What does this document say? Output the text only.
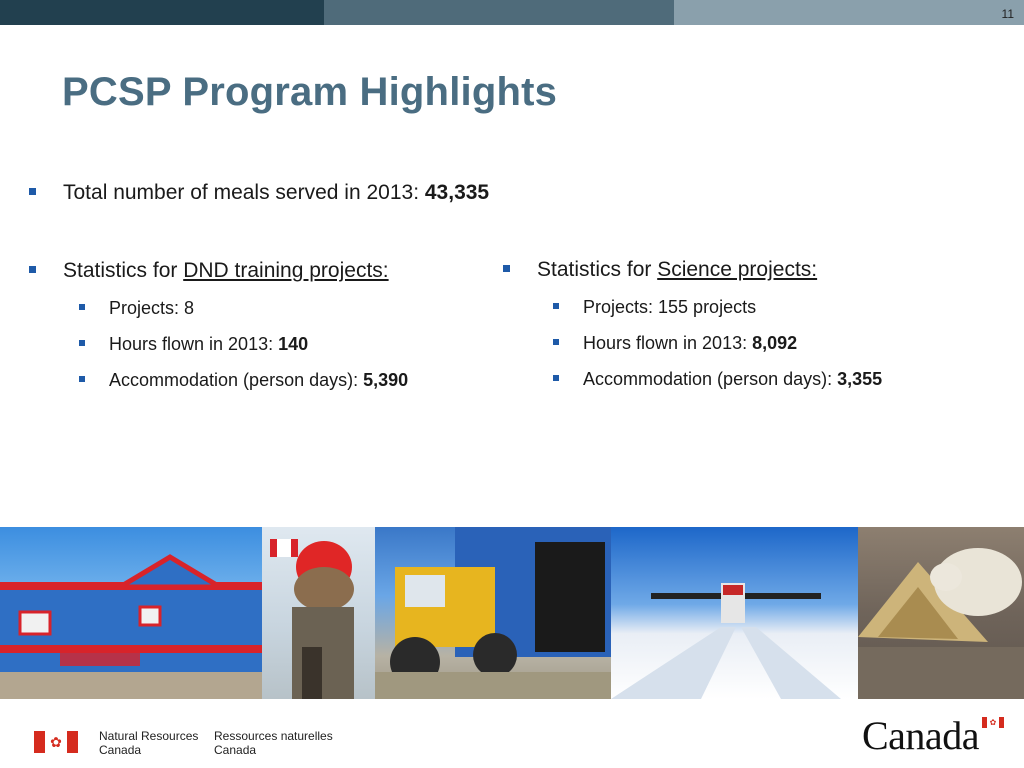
11
PCSP Program Highlights
Total number of meals served in 2013: 43,335
Statistics for DND training projects:
Projects: 8
Hours flown in 2013: 140
Accommodation (person days): 5,390
Statistics for Science projects:
Projects: 155 projects
Hours flown in 2013: 8,092
Accommodation (person days): 3,355
✿	Natural Resources
Canada
Ressources naturelles
Canada	Canada	✿
